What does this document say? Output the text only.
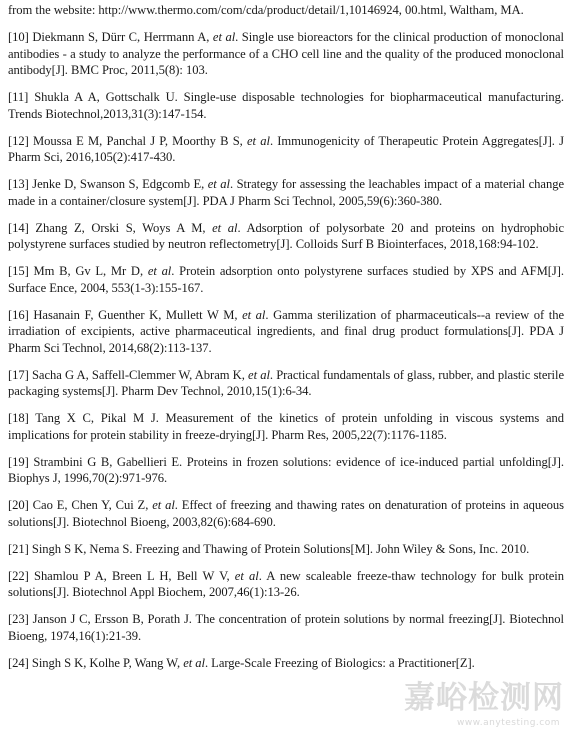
from the website: http://www.thermo.com/com/cda/product/detail/1,10146924, 00.html, Waltham, MA.

[10] Diekmann S, Dürr C, Herrmann A, et al. Single use bioreactors for the clinical production of monoclonal antibodies - a study to analyze the performance of a CHO cell line and the quality of the produced monoclonal antibody[J]. BMC Proc, 2011,5(8): 103.

[11] Shukla A A, Gottschalk U. Single-use disposable technologies for biopharmaceutical manufacturing. Trends Biotechnol,2013,31(3):147-154.

[12] Moussa E M, Panchal J P, Moorthy B S, et al. Immunogenicity of Therapeutic Protein Aggregates[J]. J Pharm Sci, 2016,105(2):417-430.

[13] Jenke D, Swanson S, Edgcomb E, et al. Strategy for assessing the leachables impact of a material change made in a container/closure system[J]. PDA J Pharm Sci Technol, 2005,59(6):360-380.

[14] Zhang Z, Orski S, Woys A M, et al. Adsorption of polysorbate 20 and proteins on hydrophobic polystyrene surfaces studied by neutron reflectometry[J]. Colloids Surf B Biointerfaces, 2018,168:94-102.

[15] Mm B, Gv L, Mr D, et al. Protein adsorption onto polystyrene surfaces studied by XPS and AFM[J]. Surface Ence, 2004, 553(1-3):155-167.

[16] Hasanain F, Guenther K, Mullett W M, et al. Gamma sterilization of pharmaceuticals--a review of the irradiation of excipients, active pharmaceutical ingredients, and final drug product formulations[J]. PDA J Pharm Sci Technol, 2014,68(2):113-137.

[17] Sacha G A, Saffell-Clemmer W, Abram K, et al. Practical fundamentals of glass, rubber, and plastic sterile packaging systems[J]. Pharm Dev Technol, 2010,15(1):6-34.

[18] Tang X C, Pikal M J. Measurement of the kinetics of protein unfolding in viscous systems and implications for protein stability in freeze-drying[J]. Pharm Res, 2005,22(7):1176-1185.

[19] Strambini G B, Gabellieri E. Proteins in frozen solutions: evidence of ice-induced partial unfolding[J]. Biophys J, 1996,70(2):971-976.

[20] Cao E, Chen Y, Cui Z, et al. Effect of freezing and thawing rates on denaturation of proteins in aqueous solutions[J]. Biotechnol Bioeng, 2003,82(6):684-690.

[21] Singh S K, Nema S. Freezing and Thawing of Protein Solutions[M]. John Wiley & Sons, Inc. 2010.

[22] Shamlou P A, Breen L H, Bell W V, et al. A new scaleable freeze-thaw technology for bulk protein solutions[J]. Biotechnol Appl Biochem, 2007,46(1):13-26.

[23] Janson J C, Ersson B, Porath J. The concentration of protein solutions by normal freezing[J]. Biotechnol Bioeng, 1974,16(1):21-39.

[24] Singh S K, Kolhe P, Wang W, et al. Large-Scale Freezing of Biologics: a Practitioner[Z].

嘉峪检测网
www.anytesting.com
